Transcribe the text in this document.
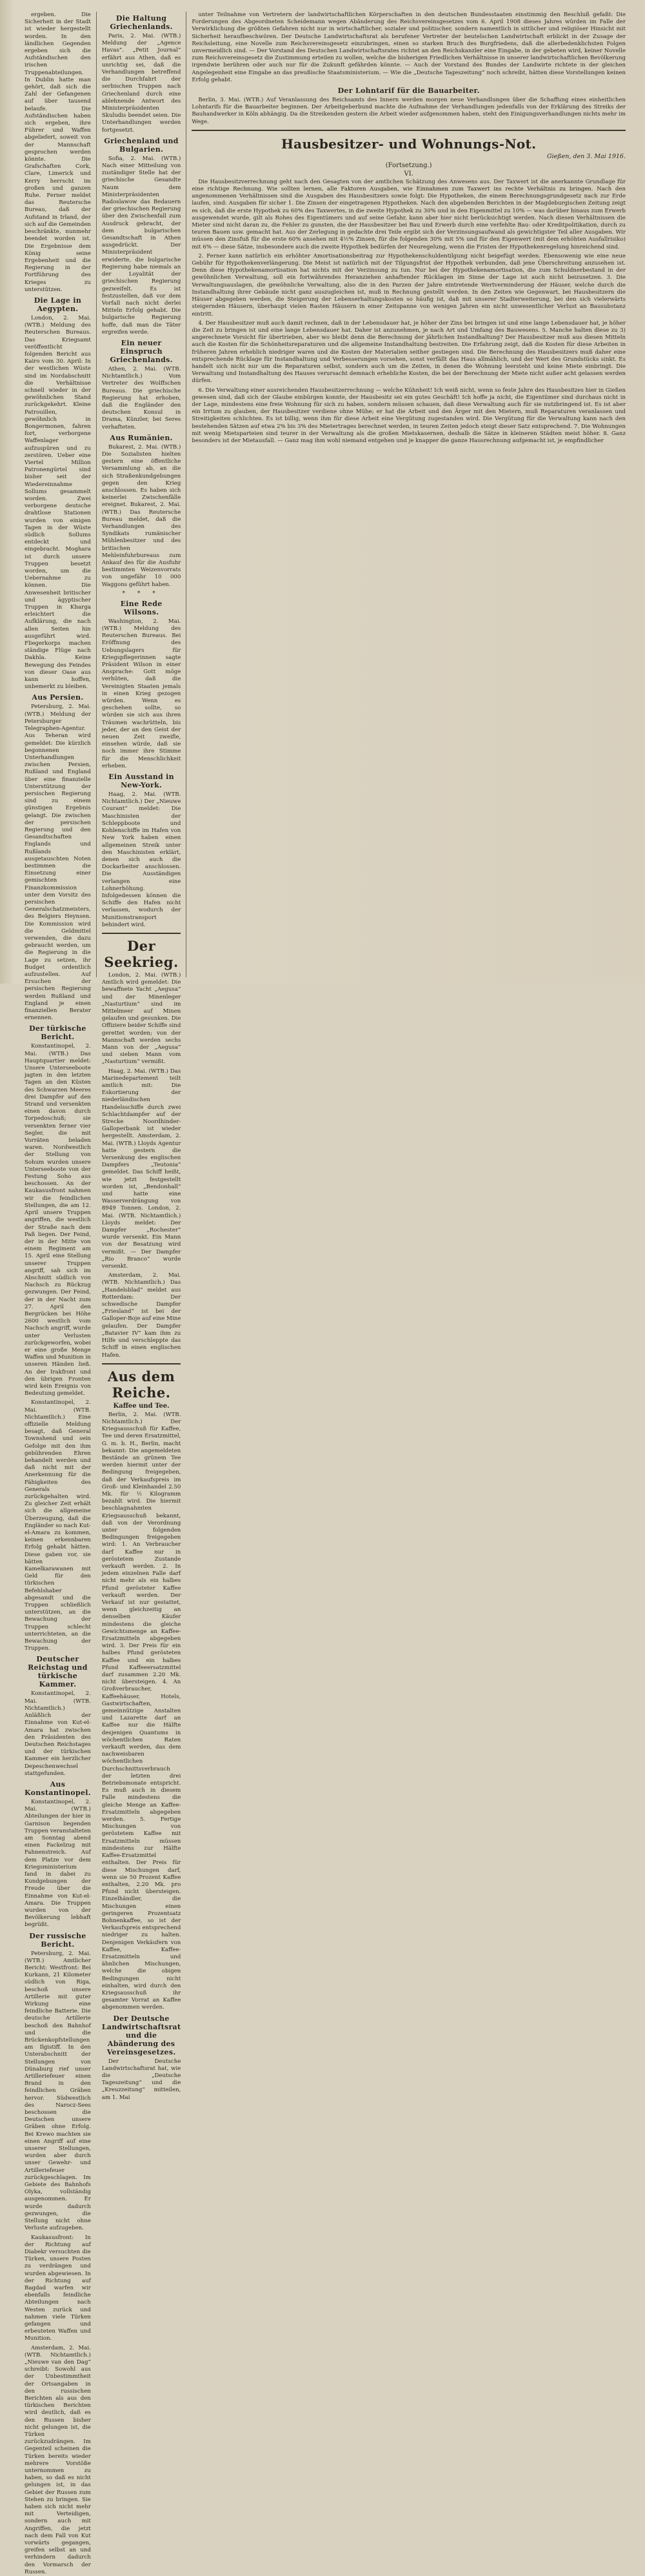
ergeben. Die Sicherheit in der Stadt ist wieder hergestellt worden. In den ländlichen Gegenden ergeben sich die Aufständischen den irischen Truppenabteilungen. In Dublin hatte man gehört, daß sich die Zahl der Gefangenen auf über tausend belaufe. Die Aufständischen haben sich ergeben, ihre Führer und Waffen abgeliefert, soweit von der Mannschaft gesprochen werden könnte. Die Grafschaften Cork, Clare, Limerick und Kerry herrscht im großen und ganzen Ruhe. Ferner meldet das Reutersche Bureau, daß der Aufstand in Irland, der sich auf die Gemeinden beschränkte, nunmehr beendet worden ist. Die Ergebnisse dem König seine Ergebenheit und die Regierung in der Fortführung des Krieges zu unterstützen.

Die Lage in Aegypten.

London, 2. Mai. (WTB.) Meldung des Reuterschen Bureaus. Das Kriegsamt veröffentlicht folgenden Bericht aus Kairo vom 30. April: In der westlichen Wüste sind im Nordabschnitt die Verhältnisse schnell wieder in der gewöhnlichen Stand zurückgekehrt. Kleine Patrouillen, gewöhnlich in Bongermonen, fahren fort, verborgene Waffenlager aufzuspüren und zu zerstören. Ueber eine Viertel Million Patronengürtel sind bisher seit der Wiedereinnahme Sollums gesammelt worden. Zwei verborgene deutsche drahtlose Stationen wurden von einigen Tagen in der Wüste südlich Sollums entdeckt und eingebracht. Moghara ist durch unsere Truppen besetzt worden, um die Uebernahme zu können. Die Anwesenheit britischer und ägyptischer Truppen in Kharga erleichtert die Aufklärung, die nach allen Seiten hin ausgeführt wird. Fliegerkorps machen ständige Flüge nach Dakhla. Keine Bewegung des Feindes von dieser Oase aus kann hoffen, unbemerkt zu bleiben.

Aus Persien.

Petersburg, 2. Mai. (WTB.) Meldung der Petersburger Telegraphen-Agentur. Aus Teheran wird gemeldet: Die kürzlich begonnenen Unterhandlungen zwischen Persien, Rußland und England über eine finanzielle Unterstützung der persischen Regierung sind zu einem günstigen Ergebnis gelangt. Die zwischen der persischen Regierung und den Gesandtschaften Englands und Rußlands ausgetauschten Noten bestimmen die Einsetzung einer gemischten Finanzkommission unter dem Vorsitz des persischen Generalschatzmeisters, des Belgiers Heynsen. Die Kommission wird die Geldmittel verwenden, die dazu gebraucht werden, um die Regierung in die Lage zu setzen, ihr Budget ordentlich aufzustellen. Auf Ersuchen der persischen Regierung werden Rußland und England je einen finanziellen Berater ernennen.

Der türkische Bericht.

Konstantinopel, 2. Mai. (WTB.) Das Hauptquartier meldet: Unsere Unterseeboote jagten in den letzten Tagen an den Küsten des Schwarzen Meeres drei Dampfer auf den Strand und versenkten einen davon durch Torpedoschuß; sie versenkten ferner vier Segler, die mit Vorräten beladen waren. Nordwestlich der Stellung von Sohum wurden unsere Unterseeboote von der Festung Soho aus beschossen. An der Kaukasusfront nahmen wir die feindlichen Stellungen, die am 12. April unsere Truppen angriffen, die westlich der Straße nach dem Paß liegen. Der Feind, der in der Mitte von einem Regiment am 15. April eine Stellung unserer Truppen angriff, sah sich im Abschnitt südlich von Nachsch zu Rückzug gezwungen. Der Feind, der in der Nacht zum 27. April den Bergrücken bei Höhe 2600 westlich vom Nachsch angriff, wurde unter Verlusten zurückgeworfen, wobei er eine große Menge Waffen und Munition in unseren Händen ließ. An der Irakfront und den übrigen Fronten wird kein Ereignis von Bedeutung gemeldet.

Konstantinopel, 2. Mai. (WTB. Nichtamtlich.) Eine offizielle Meldung besagt, daß General Townshend und sein Gefolge mit den ihm gebührenden Ehren behandelt werden und daß nicht mit der Anerkennung für die Fähigkeiten des Generals zurückgehalten wird. Zu gleicher Zeit erhält sich die allgemeine Überzeugung, daß die Engländer so nach Kut-el-Amara zu kommen, keinen erkennbaren Erfolg gehabt hätten. Diese gaben vor, sie hätten Kamelkarawanen mit Geld für den türkischen Befehlshaber abgesandt und die Truppen schließlich unterstützen, an die Bewachung der Truppen schlecht unterrichteten, an die Bewachung der Truppen.

Deutscher Reichstag und türkische Kammer.

Konstantinopel, 2. Mai. (WTB. Nichtamtlich.) Anläßlich der Einnahme von Kut-el-Amara hat zwischen den Präsidenten des Deutschen Reichstages und der türkischen Kammer ein herzlicher Depeschenwechsel stattgefunden.

Aus Konstantinopel.

Konstantinopel, 2. Mai. (WTB.) Abteilungen der hier in Garnison liegenden Truppen veranstalteten am Sonntag abend einen Fackelzug mit Fahnenstreich. Auf dem Platze vor dem Kriegsministerium fand in dabei zu Kundgebungen der Freude über die Einnahme von Kut-el-Amara. Die Truppen wurden von der Bevölkerung lebhaft begrüßt.

Der russische Bericht.

Petersburg, 2. Mai. (WTB.) Amtlicher Bericht: Westfront: Bei Kurkann, 21 Kilometer südlich von Riga, beschoß unsere Artillerie mit guter Wirkung eine feindliche Batterie. Die deutsche Artillerie beschoß den Bahnhof und die Brückenkopfstellungen am Ilgistiff. In den Unterabschnitt der Stellungen von Dünaburg rief unser Artilleriefeuer einen Brand in den feindlichen Gräben hervor. Südwestlich des Narocz-Sees beschossen die Deutschen unsere Gräben ohne Erfolg. Bei Krewo machten sie einen Angriff auf eine unserer Stellungen, wurden aber durch unser Gewehr- und Artilleriefeuer zurückgeschlagen. Im Gebiete des Bahnhofs Olyka, vollständig ausgenommen. Er wurde dadurch gezwungen, die Stellung nicht ohne Verluste aufzugeben.

Kaukasusfront: In der Richtung auf Diabekr versuchten die Türken, unsere Posten zu verdrängen und wurden abgewiesen. In der Richtung auf Bagdad warfen wir ebenfalls feindliche Abteilungen nach Westen zurück und nahmen viele Türken gefangen und erbeuteten Waffen und Munition.

Amsterdam, 2. Mai. (WTB. Nichtamtlich.) „Nieuwe van den Dag“ schreibt: Sowohl aus der Unbestimmtheit der Ortsangaben in den russischen Berichten als aus den türkischen Berichten wird deutlich, daß es den Russen bisher nicht gelungen ist, die Türken zurückzudrängen. Im Gegenteil scheinen die Türken bereits wieder mehrere Vorstöße unternommen zu haben, so daß es nicht gelungen ist, in das Gebiet der Russen zum Stehen zu bringen. Sie haben sich nicht mehr mit Verteidigen, sondern auch mit Angriffen, die jetzt nach dem Fall von Kut vorwärts gegangen, greifen selbst an und verhindern dadurch den Vormarsch der Russen.

Die Haltung Griechenlands.

Paris, 2. Mai. (WTB.) Meldung der „Agence Havas“. „Petit Journal“ erfährt aus Athen, daß es unrichtig sei, daß die Verhandlungen betreffend die Durchfahrt der serbischen Truppen nach Griechenland durch eine ablehnende Antwort des Ministerpräsidenten Skuludis beendet seien. Die Unterhandlungen werden fortgesetzt.

Griechenland und Bulgarien.

Sofia, 2. Mai. (WTB.) Nach einer Mitteilung von zuständiger Stelle hat der griechische Gesandte Naum dem Ministerpräsidenten Radoslawow das Bedauern der griechischen Regierung über den Zwischenfall zum Ausdruck gebracht, der dem bulgarischen Gesandtschaft in Athen ausgedrückt. Der Ministerpräsident erwiderte, die bulgarische Regierung habe niemals an der Loyalität der griechischen Regierung gezweifelt. Es ist festzustellen, daß vor dem Vorfall nach nicht derlei Mitteln Erfolg gehabt. Die bulgarische Regierung hoffe, daß man die Täter ergreifen werde.

Ein neuer Einspruch Griechenlands.

Athen, 2. Mai. (WTB. Nichtamtlich.) Vom Vertreter des Wolffschen Bureaus. Die griechische Regierung hat erhoben, daß die Engländer den deutschen Konsul in Drama, Künzler, bei Seres verhafteten.

Aus Rumänien.

Bukarest, 2. Mai. (WTB.) Die Sozialisten hielten gestern eine öffentliche Versammlung ab, an die sich Straßenkundgebungen gegen den Krieg anschlossen. Es haben sich keinerlei Zwischenfälle ereignet. Bukarest, 2. Mai. (WTB.) Das Reutersche Bureau meldet, daß die Verhandlungen des Syndikats rumänischer Mühlenbesitzer und des britischen Mehleinfuhrbureaus zum Ankauf des für die Ausfuhr bestimmten Weizenvorrats von ungefähr 10 000 Waggons geführt haben.

* * *
Eine Rede Wilsons.

Washington, 2. Mai. (WTB.) Meldung des Reuterschen Bureaus. Bei Eröffnung des Uebungslagers für Kriegspflegerinnen sagte Präsident Wilson in einer Ansprache: Gott möge verhüten, daß die Vereinigten Staaten jemals in einen Krieg gezogen würden. Wenn es geschehen sollte, so würden sie sich aus ihren Träumen wachrütteln, bis jeder, der an den Geist der neuen Zeit zweifle, einsehen würde, daß sie noch immer ihre Stimme für die Menschlichkeit erheben.

Ein Ausstand in New-York.

Haag, 2. Mai. (WTB. Nichtamtlich.) Der „Nieuwe Courant“ meldet: Die Maschinisten der Schleppboote und Kohlenschiffe im Hafen von New York haben einen allgemeinen Streik unter den Maschinisten erklärt, denen sich auch die Dockarbeiter anschlossen. Die Ausständigen verlangen eine Lohnerhöhung. Infolgedessen können die Schiffe den Hafen nicht verlassen, wodurch der Munitionstransport behindert wird.

Der Seekrieg.

London, 2. Mai. (WTB.) Amtlich wird gemeldet: Die bewaffnete Yacht „Aegusa“ und der Minenleger „Nasturtium“ sind im Mittelmeer auf Minen gelaufen und gesunken. Die Offiziere beider Schiffe sind gerettet worden; von der Mannschaft werden sechs Mann von der „Aegusa“ und sieben Mann vom „Nasturtium“ vermißt.

Haag, 2. Mai. (WTB.) Das Marinedepartement teilt amtlich mit: Die Eskortierung der niederländischen Handelsschiffe durch zwei Schlachtdampfer auf der Strecke Noordhinder-Galloperbank ist wieder hergestellt. Amsterdam, 2. Mai. (WTB.) Lloyds Agentur hatte gestern die Versenkung des englischen Dampfers „Teutonia“ gemeldet. Das Schiff heißt, wie jetzt festgestellt worden ist, „Bendonhall“ und hatte eine Wasserverdrängung von 8949 Tonnen. London, 2. Mai. (WTB. Nichtamtlich.) Lloyds meldet: Der Dampfer „Rochester“ wurde versenkt. Ein Mann von der Besatzung wird vermißt. — Der Dampfer „Rio Branco“ wurde versenkt.

Amsterdam, 2. Mai. (WTB. Nichtamtlich.) Das „Handelsblad“ meldet aus Rotterdam: Der schwedische Dampfer „Friesland“ ist bei der Galloper-Boje auf eine Mine gelaufen. Der Dampfer „Batavier IV“ kam ihm zu Hilfe und verschleppte das Schiff in einen englischen Hafen.

Aus dem Reiche.
Kaffee und Tee.

Berlin, 2. Mai. (WTB. Nichtamtlich.) Der Kriegsausschuß für Kaffee, Tee und deren Ersatzmittel, G. m. b. H., Berlin, macht bekannt: Die angemeldeten Bestände an grünem Tee werden hiermit unter der Bedingung freigegeben, daß der Verkaufspreis im Groß- und Kleinhandel 2.50 Mk. für ½ Kilogramm bezahlt wird. Die hiermit beschlagnahmten Kriegsausschuß bekannt, daß von der Verordnung unter folgenden Bedingungen freigegeben wird: 1. An Verbraucher darf Kaffee nur in geröstetem Zustande verkauft werden. 2. In jedem einzelnen Falle darf nicht mehr als ein halbes Pfund gerösteter Kaffee verkauft werden. Der Verkauf ist nur gestattet, wenn gleichzeitig an denselben Käufer mindestens die gleiche Gewichtsmenge an Kaffee-Ersatzmitteln abgegeben wird. 3. Der Preis für ein halbes Pfund gerösteten Kaffee und ein halbes Pfund Kaffeeersatzmittel darf zusammen 2.20 Mk. nicht übersteigen. 4. An Großverbraucher, Kaffeehäuser, Hotels, Gastwirtschaften, gemeinnützige Anstalten und Lazarette darf an Kaffee nur die Hälfte desjenigen Quantums in wöchentlichen Raten verkauft werden, das dem nachweisbaren wöchentlichen Durchschnittsverbrauch der letzten drei Betriebsmonate entspricht. Es muß auch in diesem Falle mindestens die gleiche Menge an Kaffee-Ersatzmitteln abgegeben werden. 5. Fertige Mischungen von geröstetem Kaffee mit Ersatzmitteln müssen mindestens zur Hälfte Kaffee-Ersatzmittel enthalten. Der Preis für diese Mischungen darf, wenn sie 50 Prozent Kaffee enthalten, 2.20 Mk. pro Pfund nicht übersteigen. Einzelhändler, die Mischungen einen geringeren Prozentsatz Bohnenkaffee, so ist der Verkaufspreis entsprechend niedriger zu halten. Denjenigen Verkäufern von Kaffee, Kaffee-Ersatzmitteln und ähnlichen Mischungen, welche die obigen Bedingungen nicht einhalten, wird durch den Kriegsausschuß ihr gesamter Vorrat an Kaffee abgenommen werden.

Der Deutsche Landwirtschaftsrat und die Abänderung des Vereinsgesetzes.

Der Deutsche Landwirtschaftsrat hat, wie die „Deutsche Tageszeitung“ und die „Kreuzzeitung“ mitteilen, am 1. Mai

unter Teilnahme von Vertretern der landwirtschaftlichen Körperschaften in den deutschen Bundesstaaten einstimmig den Beschluß gefaßt: Die Forderungen des Abgeordneten Scheidemann wegen Abänderung des Reichsvereinsgesetzes vom 6. April 1908 dieses Jahres würden im Falle der Verwirklichung die größten Gefahren nicht nur in wirtschaftlicher, sozialer und politischer, sondern namentlich in sittlicher und religiöser Hinsicht mit Sicherheit heraufbeschwören. Der Deutsche Landwirtschaftsrat als berufener Vertreter der beutelschen Landwirtschaft erblickt in der Zusage der Reichsleitung, eine Novelle zum Reichsvereinsgesetz einzubringen, einen so starken Bruch des Burgfriedens, daß die allerbedenklichsten Folgen unvermeidlich sind. — Der Vorstand des Deutschen Landwirtschaftsrates richtet an den Reichskanzler eine Eingabe, in der gebeten wird, keiner Novelle zum Reichsvereinsgesetz die Zustimmung erteilen zu wollen, welche die bisherigen Friedlichen Verhältnisse in unserer landwirtschaftlichen Bevölkerung irgendwie berühren oder auch nur für die Zukunft gefährden könnte. — Auch der Vorstand des Bundes der Landwirte richtete in der gleichen Angelegenheit eine Eingabe an das preußische Staatsministerium. — Wie die „Deutsche Tageszeitung“ noch schreibt, hätten diese Vorstellungen keinen Erfolg gehabt.

Der Lohntarif für die Bauarbeiter.

Berlin, 3. Mai. (WTB.) Auf Veranlassung des Reichsamts des Innern werden morgen neue Verhandlungen über die Schaffung eines einheitlichen Lohntarifs für die Bauarbeiter beginnen. Der Arbeitgeberbund machte die Aufnahme der Verhandlungen jedenfalls von der Erklärung des Streiks der Bauhandwerker in Köln abhängig. Da die Streikenden gestern die Arbeit wieder aufgenommen haben, steht den Einigungsverhandlungen nichts mehr im Wege.

Hausbesitzer- und Wohnungs-Not.
Gießen, den 3. Mai 1916.
(Fortsetzung.)
VI.

Die Hausbesitzverrechnung geht nach den Gesagten von der amtlichen Schätzung des Anwesens aus. Der Taxwert ist die anerkannte Grundlage für eine richtige Rechnung. Wie sollten lernen, alle Faktoren Ausgaben, wie Einnahmen zum Taxwert ins rechte Verhältnis zu bringen. Nach den angenommenen Verhältnissen sind die Ausgaben des Hausbesitzers sowie folgt: Die Hypotheken, die einem Berechnungsgrundgesetz nach zur Erde laufen, sind: Ausgaben für sicher 1. Die Zinsen der eingetragenen Hypotheken. Nach den abgebenden Berichten in der Magdeburgischen Zeitung zeigt es sich, daß die erste Hypothek zu 60% des Taxwertes, in die zweite Hypothek zu 30% und in den Eigenmittel zu 10% — was darüber hinaus zum Erwerb ausgewendet wurde, gilt als Rohes des Eigentümers und auf seine Gefahr, kann aber hier nicht berücksichtigt werden. Nach diesen Verhältnissen die Mieter sind nicht daran zu, die Fehler zu gunsten, die der Hausbesitzer bei Bau und Erwerb durch eine verfehlte Bau- oder Kreditpolitikation, durch zu teuren Bauen usw. gemacht hat. Aus der Zerlegung in gedachte drei Teile ergibt sich der Verzinsungsaufwand als gewichtigster Teil aller Ausgaben. Wir müssen den Zinsfuß für die erste 60% ansehen mit 4½% Zinsen, für die folgenden 30% mit 5% und für den Eigenwert (mit dem erhöhten Ausfallrisiko) mit 6% — diese Sätze, insbesondere auch die zweite Hypothek bedürfen der Neuregelung, wenn die Fristen der Hypothekenregelung hinreichend sind.

2. Ferner kann natürlich ein erhöhter Amortisationsbeitrag zur Hypothekenschuldentilgung nicht beigefügt werden. Ebensowenig wie eine neue Gebühr für Hypothekenverlängerung. Die Meist ist natürlich mit der Tilgungsfrist der Hypothek verbunden, daß jene Überschreitung anzusehen ist. Denn diese Hypothekenamortisation hat nichts mit der Verzinsung zu tun. Nur bei der Hypothekenamortisation, die zum Schuldnerbestand in der gewöhnlichen Verwaltung, soll ein fortwährendes Heranziehen anhaftender Rücklagen im Sinne der Lage ist auch nicht beizusetzen. 3. Die Verwaltungsauslagen, die gewöhnliche Verwaltung, also die in den Parzen der Jahre eintretende Wertverminderung der Häuser, welche durch die Instandhaltung ihrer Gebäude nicht ganz auszugleichen ist, muß in Rechnung gestellt werden. In den Zeiten wie Gegenwart, bei Hausbesitzern die Häuser abgegeben werden, die Steigerung der Lebenserhaltungskosten so häufig ist, daß mit unserer Stadterweiterung, bei den sich vielerwärts steigernden Häusern, überhaupt vielen Rasten Häusern in einer Zeitspanne von wenigen Jahren ein nicht unwesentlicher Verlust an Bausubstanz eintritt.

4. Der Hausbesitzer muß auch damit rechnen, daß in der Lebensdauer hat, je höher der Zins bei bringen ist und eine lange Lebensdauer hat, je höher die Zeit zu bringen ist und eine lange Lebensdauer hat. Daher ist anzunehmen, je nach Art und Umfang des Bauwesens. 5. Manche halten diese zu 3) angerechnete Vorsicht für übertrieben, aber wo bleibt denn die Berechnung der jährlichen Instandhaltung? Der Hausbesitzer muß aus diesen Mitteln auch die Kosten für die Schönheitsreparaturen und die allgemeine Instandhaltung bestreiten. Die Erfahrung zeigt, daß die Kosten für diese Arbeiten in früheren Jahren erheblich niedriger waren und die Kosten der Materialien seither gestiegen sind. Die Berechnung des Hausbesitzers muß daher eine entsprechende Rücklage für Instandhaltung und Verbesserungen vorsehen, sonst verfällt das Haus allmählich, und der Wert des Grundstücks sinkt. Es handelt sich nicht nur um die Reparaturen selbst, sondern auch um die Zeiten, in denen die Wohnung leersteht und keine Miete einbringt. Die Verwaltung und Instandhaltung des Hauses verursacht demnach erhebliche Kosten, die bei der Berechnung der Miete nicht außer acht gelassen werden dürfen.

6. Die Verwaltung einer ausreichenden Hausbesitzerrechnung — welche Kühnheit! Ich weiß nicht, wenn so feste Jahre des Hausbesitzes hier in Gießen gewesen sind, daß sich der Glaube einbürgen konnte, der Hausbesitz sei ein gutes Geschäft! Ich hoffe ja nicht, die Eigentümer sind durchaus nicht in der Lage, mindestens eine freie Wohnung für sich zu haben, sondern müssen schauen, daß diese Verwaltung auch für sie nutzbringend ist. Es ist aber ein Irrtum zu glauben, der Hausbesitzer verdiene ohne Mühe; er hat die Arbeit und den Ärger mit den Mietern, muß Reparaturen veranlassen und Streitigkeiten schlichten. Es ist billig, wenn ihm für diese Arbeit eine Vergütung zugestanden wird. Die Vergütung für die Verwaltung kann nach den bestehenden Sätzen auf etwa 2% bis 3% des Mietertrages berechnet werden, in teuren Zeiten jedoch steigt dieser Satz entsprechend. 7. Die Wohnungen mit wenig Mietsparteien sind teurer in der Verwaltung als die großen Mietskasernen, deshalb die Sätze in kleineren Städten meist höher. 8. Ganz besonders ist der Mietausfall. — Ganz mag ihm wohl niemand entgehen und je knapper die ganze Hausrechnung aufgemacht ist, je empfindlicher
